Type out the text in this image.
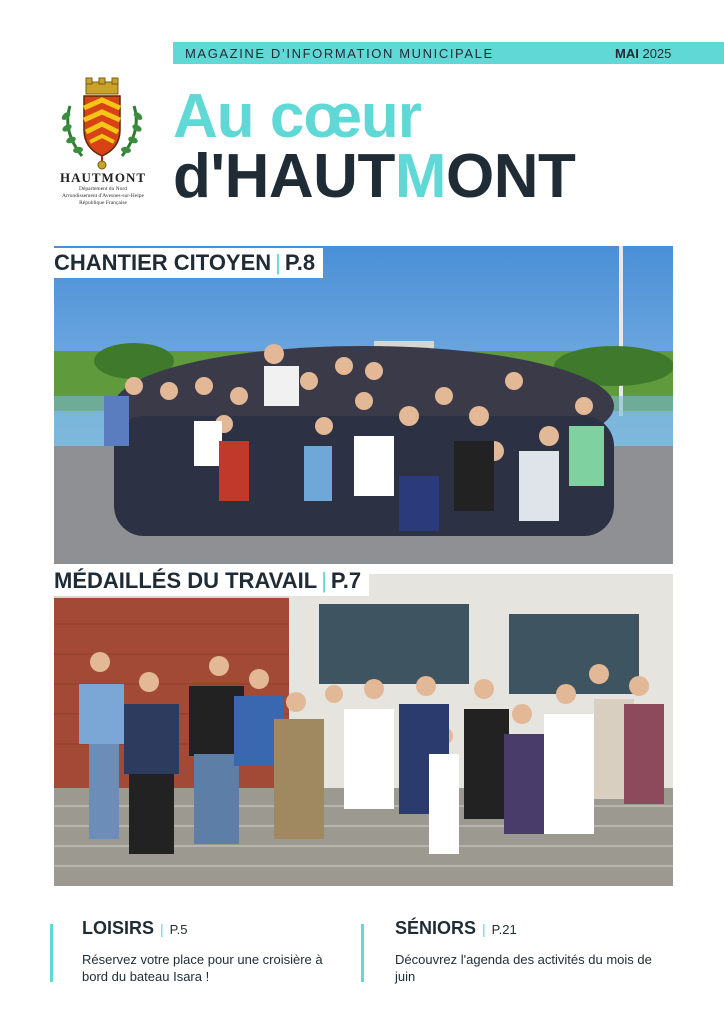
MAGAZINE D’INFORMATION MUNICIPALE	MAI 2025
HAUTMONT
Département du Nord
Arrondissement d'Avesnes-sur-Helpe
République Française
Au cœur
d'HAUTMONT
CHANTIER CITOYEN | P.8
MÉDAILLÉS DU TRAVAIL | P.7
LOISIRS | P.5
Réservez votre place pour une croisière à bord du bateau Isara !
SÉNIORS | P.21
Découvrez l'agenda des activités du mois de juin
